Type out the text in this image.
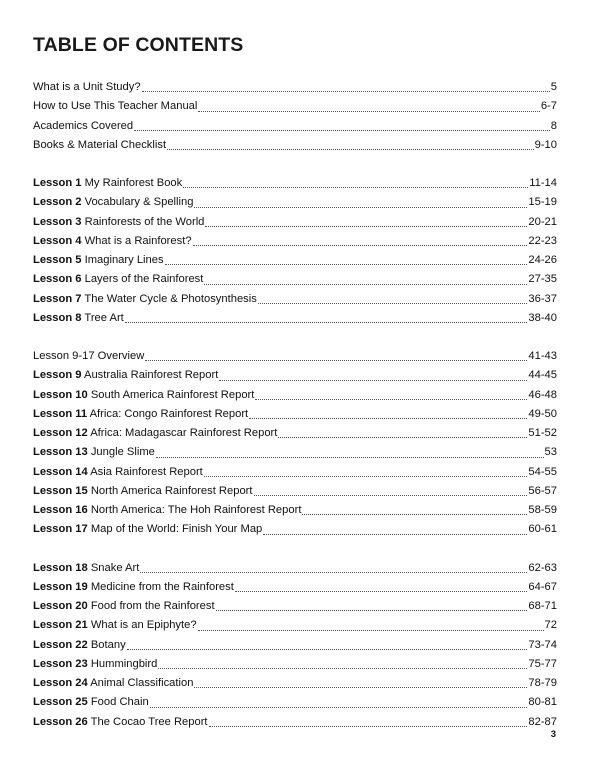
TABLE OF CONTENTS
What is a Unit Study?	5
How to Use This Teacher Manual	6-7
Academics Covered	8
Books & Material Checklist	9-10
Lesson 1 My Rainforest Book	11-14
Lesson 2 Vocabulary & Spelling	15-19
Lesson 3 Rainforests of the World	20-21
Lesson 4 What is a Rainforest?	22-23
Lesson 5 Imaginary Lines	24-26
Lesson 6 Layers of the Rainforest	27-35
Lesson 7 The Water Cycle & Photosynthesis	36-37
Lesson 8 Tree Art	38-40
Lesson 9-17 Overview	41-43
Lesson 9 Australia Rainforest Report	44-45
Lesson 10 South America Rainforest Report	46-48
Lesson 11 Africa: Congo Rainforest Report	49-50
Lesson 12 Africa: Madagascar Rainforest Report	51-52
Lesson 13 Jungle Slime	53
Lesson 14 Asia Rainforest Report	54-55
Lesson 15 North America Rainforest Report	56-57
Lesson 16 North America: The Hoh Rainforest Report	58-59
Lesson 17 Map of the World: Finish Your Map	60-61
Lesson 18 Snake Art	62-63
Lesson 19 Medicine from the Rainforest	64-67
Lesson 20 Food from the Rainforest	68-71
Lesson 21 What is an Epiphyte?	72
Lesson 22 Botany	73-74
Lesson 23 Hummingbird	75-77
Lesson 24 Animal Classification	78-79
Lesson 25 Food Chain	80-81
Lesson 26 The Cocao Tree Report	82-87
3
